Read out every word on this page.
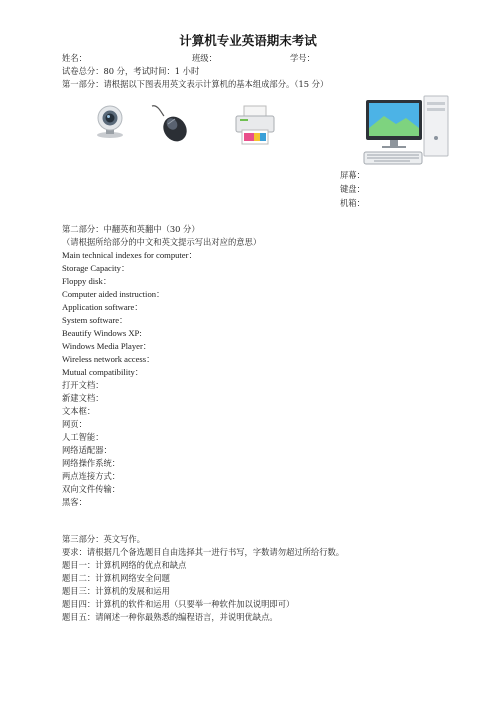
计算机专业英语期末考试
姓名：	班级：	学号：
试卷总分：80 分，考试时间：1 小时
第一部分：请根据以下图表用英文表示计算机的基本组成部分。（15 分）
屏幕：
键盘：
机箱：
第二部分：中翻英和英翻中（30 分）
（请根据所给部分的中文和英文提示写出对应的意思）
Main technical indexes for computer：
Storage Capacity：
Floppy disk：
Computer aided instruction：
Application software：
System software：
Beautify Windows XP:
Windows Media Player：
Wireless network access：
Mutual compatibility：
打开文档：
新建文档：
文本框：
网页：
人工智能：
网络适配器：
网络操作系统：
两点连接方式：
双向文件传输：
黑客：
第三部分：英文写作。
要求：请根据几个备选题目自由选择其一进行书写，字数请勿超过所给行数。
题目一：计算机网络的优点和缺点
题目二：计算机网络安全问题
题目三：计算机的发展和运用
题目四：计算机的软件和运用（只要举一种软件加以说明即可）
题目五：请阐述一种你最熟悉的编程语言，并说明优缺点。
